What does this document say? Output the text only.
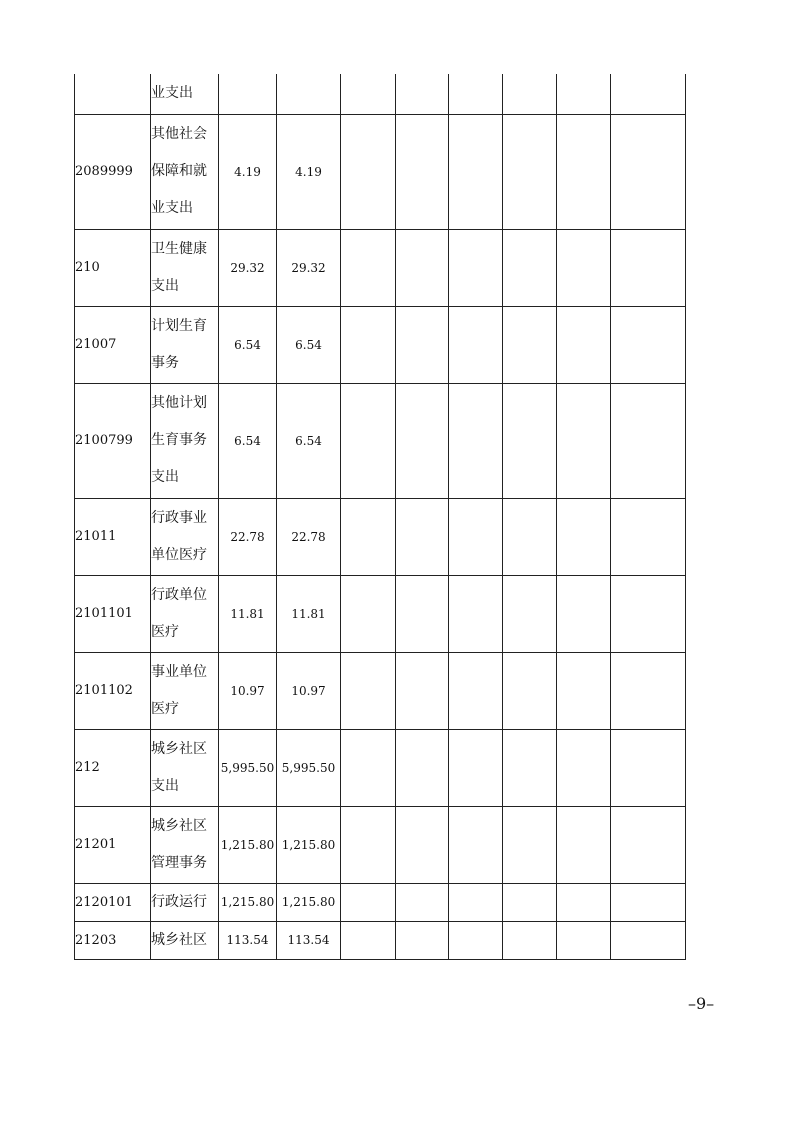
	业支出								
2089999	其他社会保障和就业支出	4.19	4.19						
210	卫生健康支出	29.32	29.32						
21007	计划生育事务	6.54	6.54						
2100799	其他计划生育事务支出	6.54	6.54						
21011	行政事业单位医疗	22.78	22.78						
2101101	行政单位医疗	11.81	11.81						
2101102	事业单位医疗	10.97	10.97						
212	城乡社区支出	5,995.50	5,995.50						
21201	城乡社区管理事务	1,215.80	1,215.80						
2120101	行政运行	1,215.80	1,215.80						
21203	城乡社区	113.54	113.54						
–9–
